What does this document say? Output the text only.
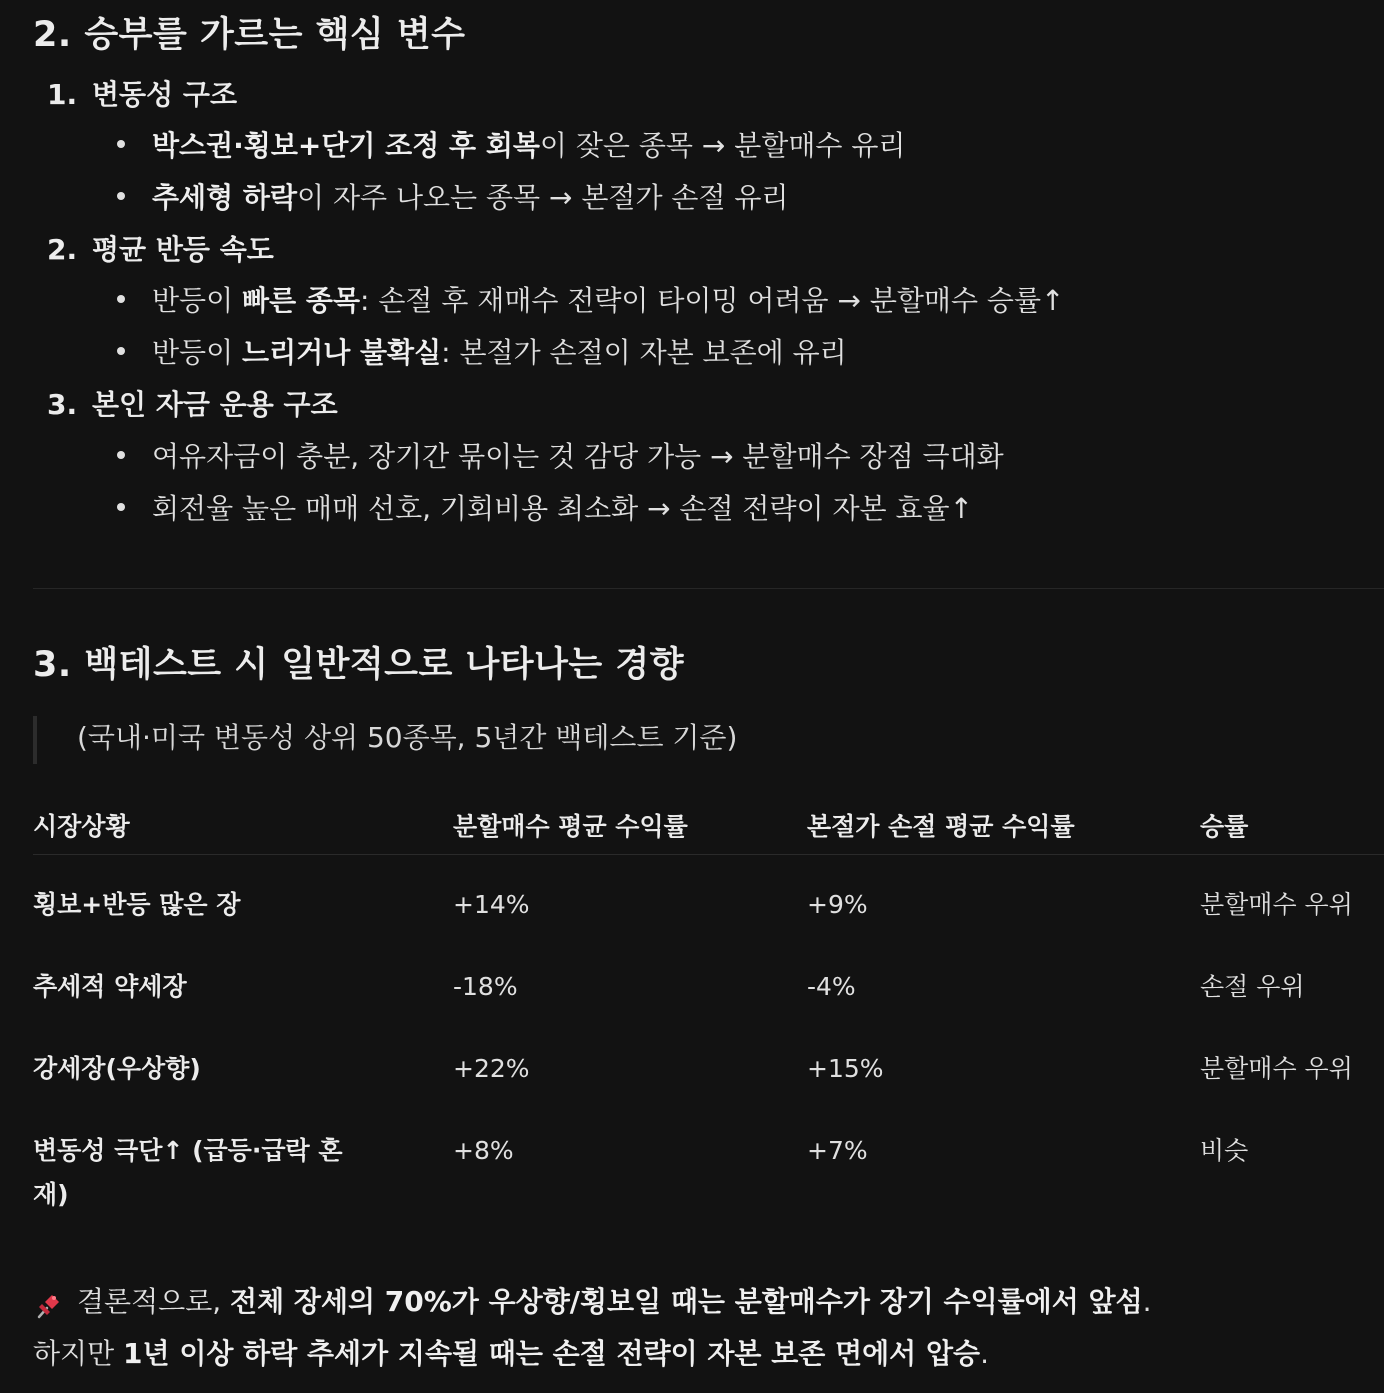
2. 승부를 가르는 핵심 변수
1. 변동성 구조
박스권·횡보+단기 조정 후 회복이 잦은 종목 → 분할매수 유리
추세형 하락이 자주 나오는 종목 → 본절가 손절 유리
2. 평균 반등 속도
반등이 빠른 종목: 손절 후 재매수 전략이 타이밍 어려움 → 분할매수 승률↑
반등이 느리거나 불확실: 본절가 손절이 자본 보존에 유리
3. 본인 자금 운용 구조
여유자금이 충분, 장기간 묶이는 것 감당 가능 → 분할매수 장점 극대화
회전율 높은 매매 선호, 기회비용 최소화 → 손절 전략이 자본 효율↑
3. 백테스트 시 일반적으로 나타나는 경향
(국내·미국 변동성 상위 50종목, 5년간 백테스트 기준)
시장상황	분할매수 평균 수익률	본절가 손절 평균 수익률	승률

횡보+반등 많은 장	+14%	+9%	분할매수 우위

추세적 약세장	-18%	-4%	손절 우위

강세장(우상향)	+22%	+15%	분할매수 우위

변동성 극단↑ (급등·급락 혼재)	+8%	+7%	비슷
결론적으로, 전체 장세의 70%가 우상향/횡보일 때는 분할매수가 장기 수익률에서 앞섬.
하지만 1년 이상 하락 추세가 지속될 때는 손절 전략이 자본 보존 면에서 압승.
